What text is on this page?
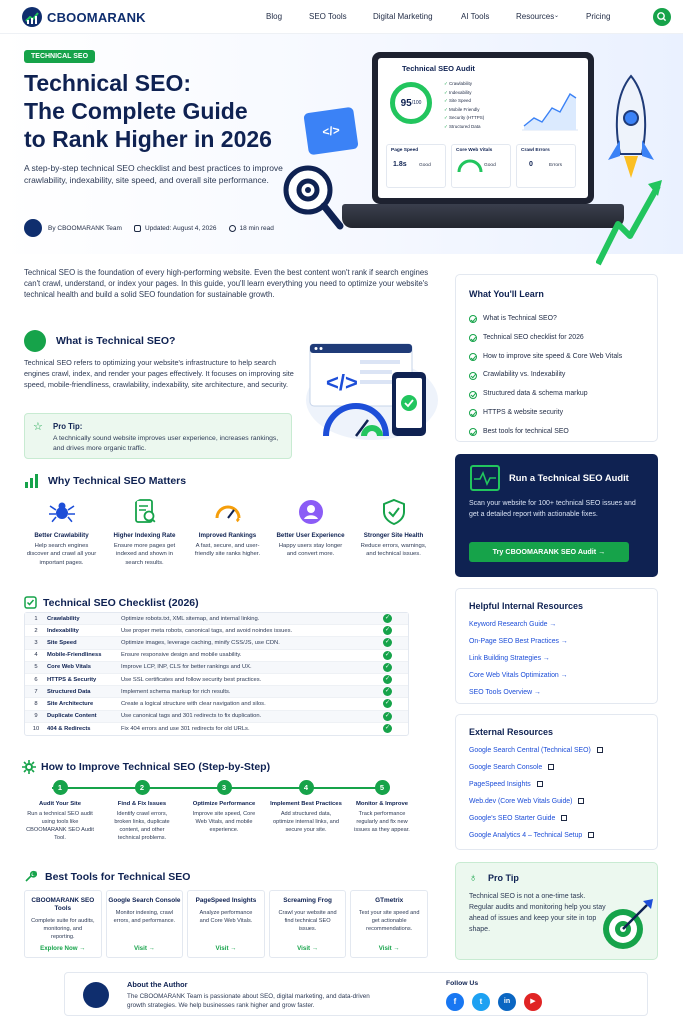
CBOOMARANK	Blog	SEO Tools	Digital Marketing	AI Tools	Resources ⌄	Pricing
TECHNICAL SEO
Technical SEO:
The Complete Guide
to Rank Higher in 2026
A step-by-step technical SEO checklist and best practices to improve crawlability, indexability, site speed, and overall site performance.
By CBOOMARANK Team	Updated: August 4, 2026	18 min read
</>
Technical SEO Audit
95 /100
✓ Crawlability
✓ Indexability
✓ Site Speed
✓ Mobile Friendly
✓ Security (HTTPS)
✓ Structured Data
Page Speed
1.8s	Good
Core Web Vitals
Good
Crawl Errors
0	Errors
Technical SEO is the foundation of every high-performing website. Even the best content won't rank if search engines can't crawl, understand, or index your pages. In this guide, you'll learn everything you need to optimize your website's technical health and build a solid SEO foundation for sustainable growth.
What is Technical SEO?
Technical SEO refers to optimizing your website's infrastructure to help search engines crawl, index, and render your pages effectively. It focuses on improving site speed, mobile-friendliness, crawlability, indexability, site architecture, and security.
☆ Pro Tip:
A technically sound website improves user experience, increases rankings, and drives more organic traffic.
</>
Why Technical SEO Matters
Better Crawlability
Help search engines discover and crawl all your important pages.
Higher Indexing Rate
Ensure more pages get indexed and shown in search results.
Improved Rankings
A fast, secure, and user-friendly site ranks higher.
Better User Experience
Happy users stay longer and convert more.
Stronger Site Health
Reduce errors, warnings, and technical issues.
Technical SEO Checklist (2026)
1	Crawlability	Optimize robots.txt, XML sitemap, and internal linking.	✓
2	Indexability	Use proper meta robots, canonical tags, and avoid noindex issues.	✓
3	Site Speed	Optimize images, leverage caching, minify CSS/JS, use CDN.	✓
4	Mobile-Friendliness	Ensure responsive design and mobile usability.	✓
5	Core Web Vitals	Improve LCP, INP, CLS for better rankings and UX.	✓
6	HTTPS & Security	Use SSL certificates and follow security best practices.	✓
7	Structured Data	Implement schema markup for rich results.	✓
8	Site Architecture	Create a logical structure with clear navigation and silos.	✓
9	Duplicate Content	Use canonical tags and 301 redirects to fix duplication.	✓
10	404 & Redirects	Fix 404 errors and use 301 redirects for old URLs.	✓
How to Improve Technical SEO (Step-by-Step)
1
Audit Your Site
Run a technical SEO audit using tools like CBOOMARANK SEO Audit Tool.
2
Find & Fix Issues
Identify crawl errors, broken links, duplicate content, and other technical problems.
3
Optimize Performance
Improve site speed, Core Web Vitals, and mobile experience.
4
Implement Best Practices
Add structured data, optimize internal links, and secure your site.
5
Monitor & Improve
Track performance regularly and fix new issues as they appear.
Best Tools for Technical SEO
CBOOMARANK SEO Tools
Complete suite for audits, monitoring, and reporting.
Explore Now →
Google Search Console
Monitor indexing, crawl errors, and performance.
Visit →
PageSpeed Insights
Analyze performance and Core Web Vitals.
Visit →
Screaming Frog
Crawl your website and find technical SEO issues.
Visit →
GTmetrix
Test your site speed and get actionable recommendations.
Visit →
About the Author
The CBOOMARANK Team is passionate about SEO, digital marketing, and data-driven growth strategies. We help businesses rank higher and grow faster.
Follow Us
f	t	in	▶
What You'll Learn
What is Technical SEO?
Technical SEO checklist for 2026
How to improve site speed & Core Web Vitals
Crawlability vs. Indexability
Structured data & schema markup
HTTPS & website security
Best tools for technical SEO
Run a Technical SEO Audit
Scan your website for 100+ technical SEO issues and get a detailed report with actionable fixes.
Try CBOOMARANK SEO Audit →
Helpful Internal Resources
Keyword Research Guide →
On-Page SEO Best Practices →
Link Building Strategies →
Core Web Vitals Optimization →
SEO Tools Overview →
External Resources
Google Search Central (Technical SEO)
Google Search Console
PageSpeed Insights
Web.dev (Core Web Vitals Guide)
Google's SEO Starter Guide
Google Analytics 4 – Technical Setup
♁	Pro Tip
Technical SEO is not a one-time task. Regular audits and monitoring help you stay ahead of issues and keep your site in top shape.
